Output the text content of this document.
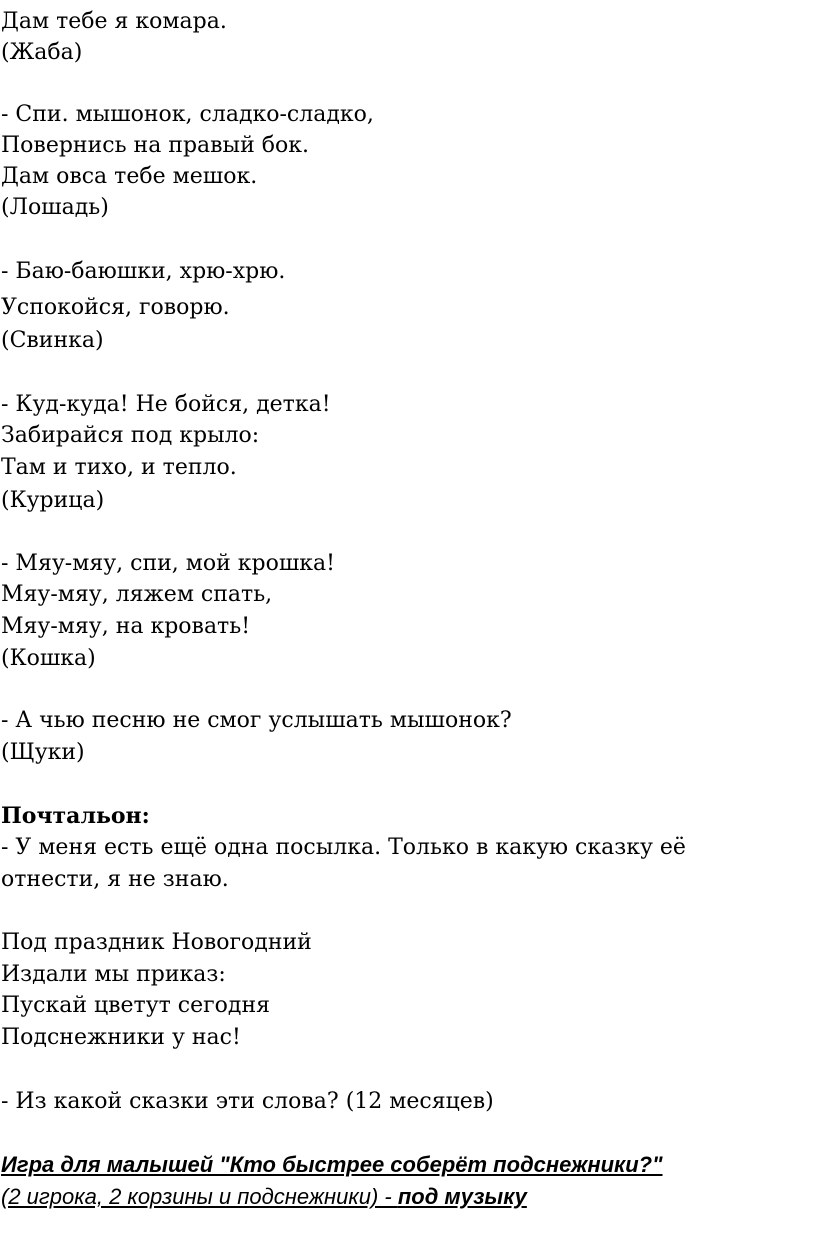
Дам тебе я комара.
(Жаба)
- Спи. мышонок, сладко-сладко,
Повернись на правый бок.
Дам овса тебе мешок.
(Лошадь)
- Баю-баюшки, хрю-хрю.
Успокойся, говорю.
(Свинка)
- Куд-куда! Не бойся, детка!
Забирайся под крыло:
Там и тихо, и тепло.
(Курица)
- Мяу-мяу, спи, мой крошка!
Мяу-мяу, ляжем спать,
Мяу-мяу, на кровать!
(Кошка)
- А чью песню не смог услышать мышонок?
(Щуки)
Почтальон:
- У меня есть ещё одна посылка. Только в какую сказку её
отнести, я не знаю.
Под праздник Новогодний
Издали мы приказ:
Пускай цветут сегодня
Подснежники у нас!
- Из какой сказки эти слова? (12 месяцев)
Игра для малышей "Кто быстрее соберёт подснежники?"
(2 игрока, 2 корзины и подснежники) - под музыку
